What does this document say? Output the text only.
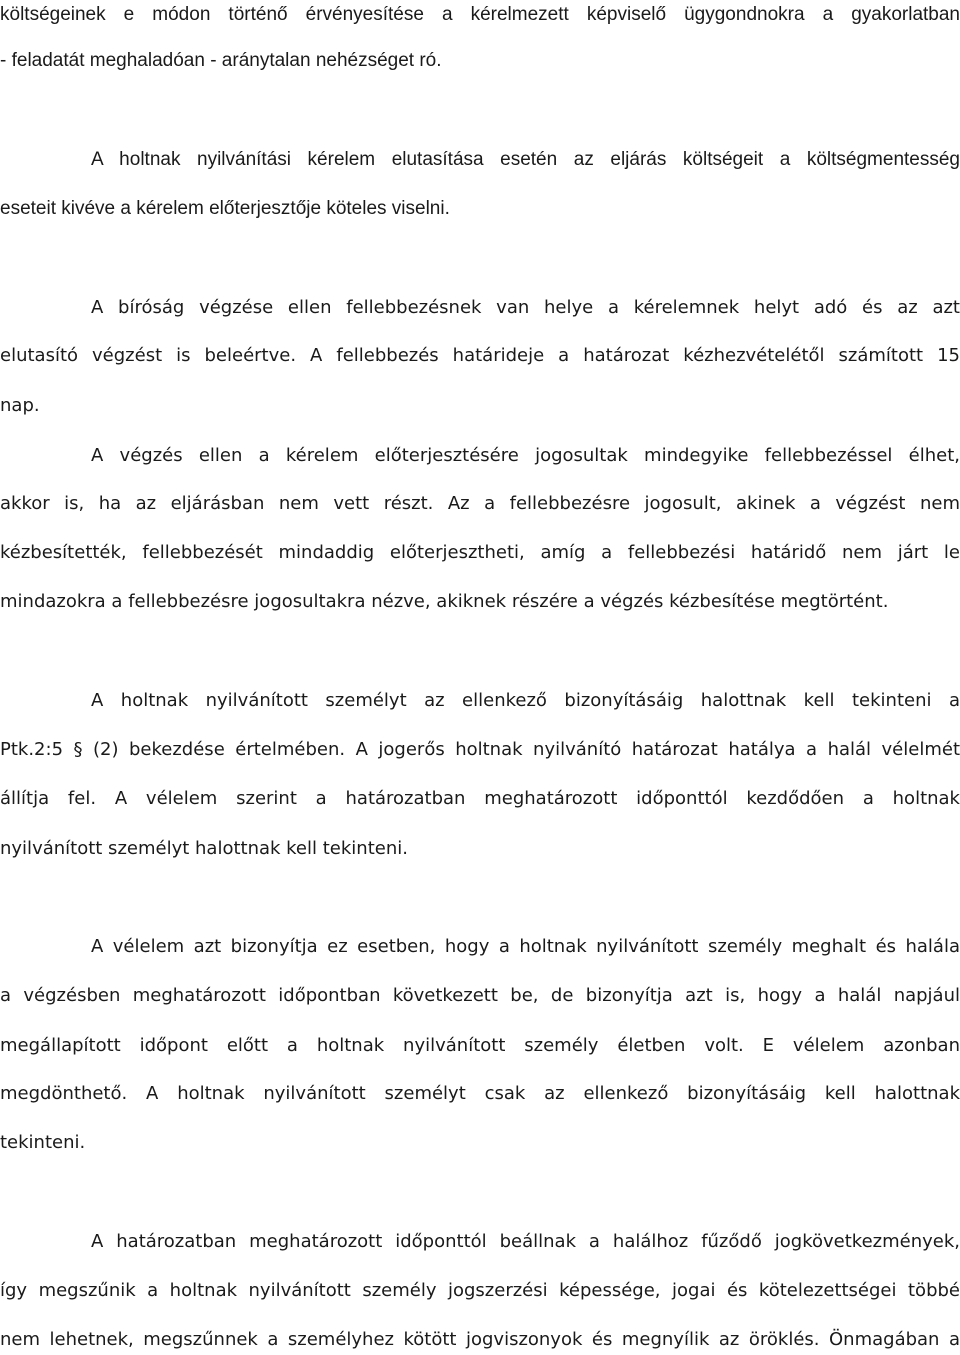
költségeinek e módon történő érvényesítése a kérelmezett képviselő ügygondnokra a gyakorlatban
- feladatát meghaladóan - aránytalan nehézséget ró.
A holtnak nyilvánítási kérelem elutasítása esetén az eljárás költségeit a költségmentesség
eseteit kivéve a kérelem előterjesztője köteles viselni.
A bíróság végzése ellen fellebbezésnek van helye a kérelemnek helyt adó és az azt
elutasító végzést is beleértve. A fellebbezés határideje a határozat kézhezvételétől számított 15
nap.
A végzés ellen a kérelem előterjesztésére jogosultak mindegyike fellebbezéssel élhet,
akkor is, ha az eljárásban nem vett részt. Az a fellebbezésre jogosult, akinek a végzést nem
kézbesítették, fellebbezését mindaddig előterjesztheti, amíg a fellebbezési határidő nem járt le
mindazokra a fellebbezésre jogosultakra nézve, akiknek részére a végzés kézbesítése megtörtént.
A holtnak nyilvánított személyt az ellenkező bizonyításáig halottnak kell tekinteni a
Ptk.2:5 § (2) bekezdése értelmében. A jogerős holtnak nyilvánító határozat hatálya a halál vélelmét
állítja fel. A vélelem szerint a határozatban meghatározott időponttól kezdődően a holtnak
nyilvánított személyt halottnak kell tekinteni.
A vélelem azt bizonyítja ez esetben, hogy a holtnak nyilvánított személy meghalt és halála
a végzésben meghatározott időpontban következett be, de bizonyítja azt is, hogy a halál napjául
megállapított időpont előtt a holtnak nyilvánított személy életben volt. E vélelem azonban
megdönthető. A holtnak nyilvánított személyt csak az ellenkező bizonyításáig kell halottnak
tekinteni.
A határozatban meghatározott időponttól beállnak a halálhoz fűződő jogkövetkezmények,
így megszűnik a holtnak nyilvánított személy jogszerzési képessége, jogai és kötelezettségei többé
nem lehetnek, megszűnnek a személyhez kötött jogviszonyok és megnyílik az öröklés. Önmagában a
